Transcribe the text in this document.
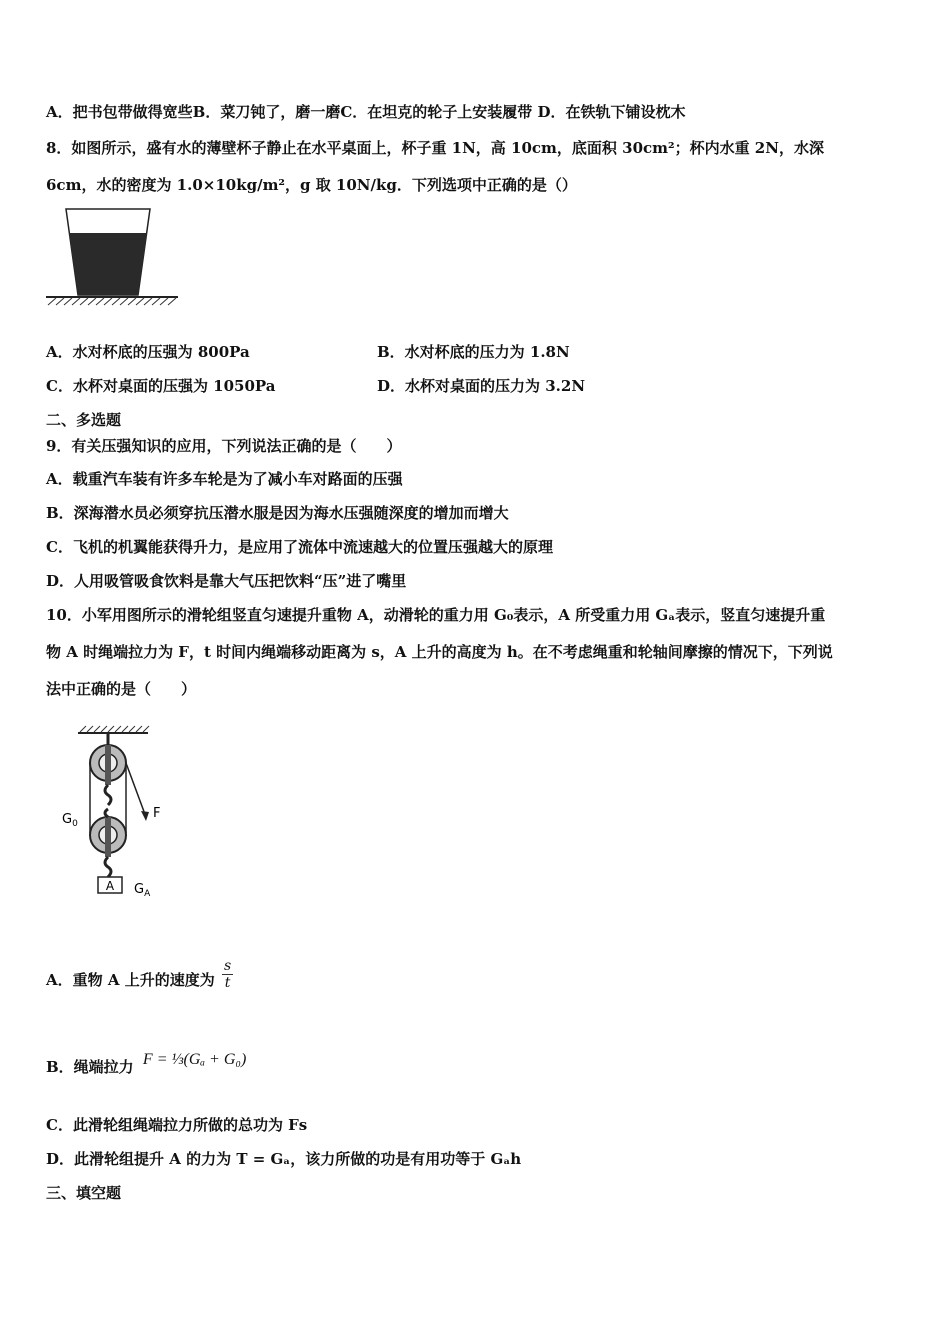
A．把书包带做得宽些B．菜刀钝了，磨一磨C．在坦克的轮子上安装履带 D．在铁轨下铺设枕木
8．如图所示，盛有水的薄壁杯子静止在水平桌面上，杯子重 1N，高 10cm，底面积 30cm²；杯内水重 2N，水深
6cm，水的密度为 1.0×10kg/m²，g 取 10N/kg．下列选项中正确的是（）
A．水对杯底的压强为 800Pa	B．水对杯底的压力为 1.8N
C．水杯对桌面的压强为 1050Pa	D．水杯对桌面的压力为 3.2N
二、多选题
9．有关压强知识的应用，下列说法正确的是（　　）
A．载重汽车装有许多车轮是为了减小车对路面的压强
B．深海潜水员必须穿抗压潜水服是因为海水压强随深度的增加而增大
C．飞机的机翼能获得升力，是应用了流体中流速越大的位置压强越大的原理
D．人用吸管吸食饮料是靠大气压把饮料“压”进了嘴里
10．小军用图所示的滑轮组竖直匀速提升重物 A，动滑轮的重力用 G₀表示，A 所受重力用 Gₐ表示，竖直匀速提升重
物 A 时绳端拉力为 F，t 时间内绳端移动距离为 s，A 上升的高度为 h。在不考虑绳重和轮轴间摩擦的情况下，下列说
法中正确的是（　　）
A
$G_0$
F
$G_A$
A．重物 A 上升的速度为 $\frac{s}{t}$
B．绳端拉力 F = ⅓(Gₐ + G₀)
C．此滑轮组绳端拉力所做的总功为 Fs
D．此滑轮组提升 A 的力为 T = Gₐ，该力所做的功是有用功等于 Gₐh
三、填空题
